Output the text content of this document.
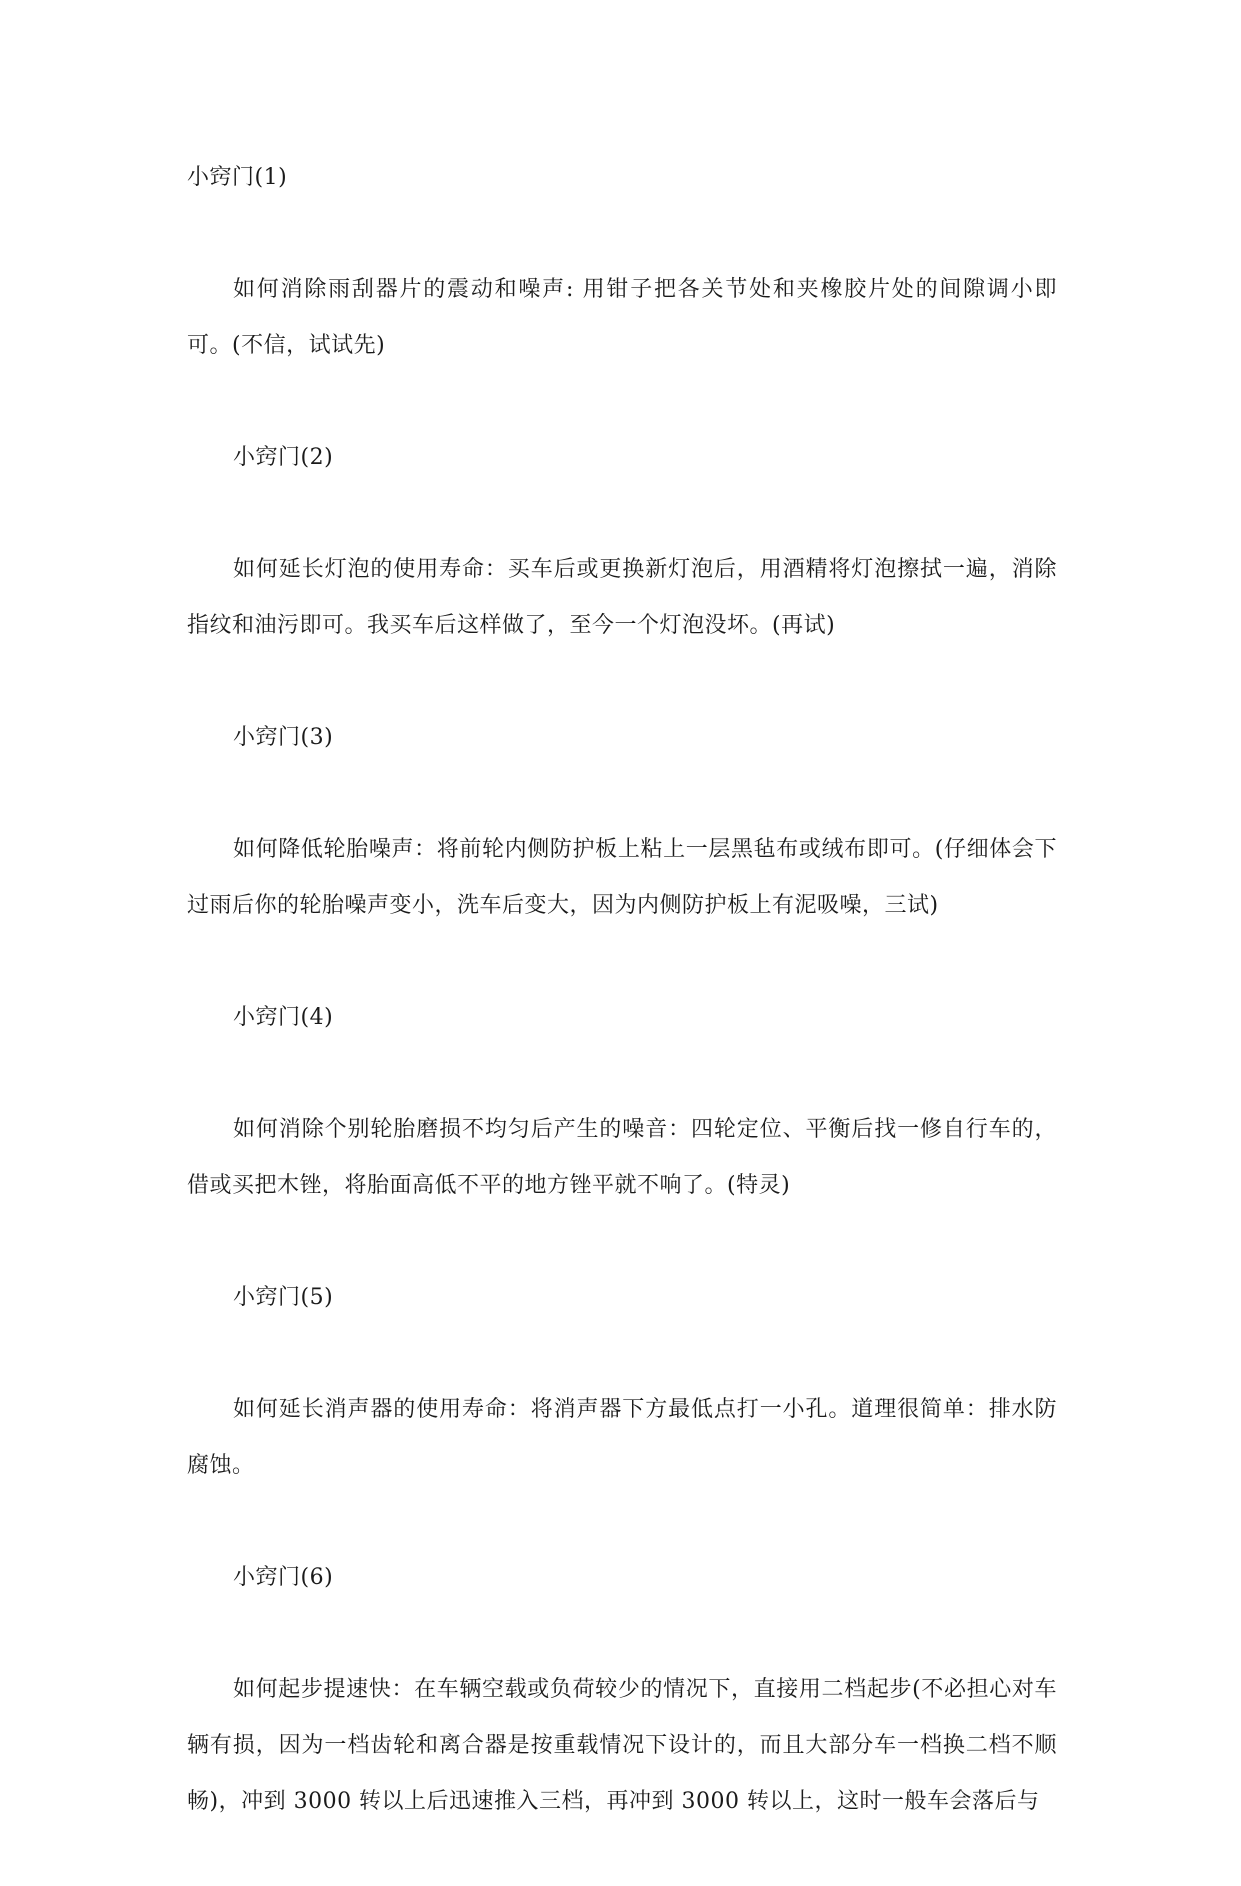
小窍门(1)

如何消除雨刮器片的震动和噪声: 用钳子把各关节处和夹橡胶片处的间隙调小即可。(不信，试试先)

小窍门(2)

如何延长灯泡的使用寿命：买车后或更换新灯泡后，用酒精将灯泡擦拭一遍，消除指纹和油污即可。我买车后这样做了，至今一个灯泡没坏。(再试)

小窍门(3)

如何降低轮胎噪声：将前轮内侧防护板上粘上一层黑毡布或绒布即可。(仔细体会下过雨后你的轮胎噪声变小，洗车后变大，因为内侧防护板上有泥吸噪，三试)

小窍门(4)

如何消除个别轮胎磨损不均匀后产生的噪音：四轮定位、平衡后找一修自行车的，借或买把木锉，将胎面高低不平的地方锉平就不响了。(特灵)

小窍门(5)

如何延长消声器的使用寿命：将消声器下方最低点打一小孔。道理很简单：排水防腐蚀。

小窍门(6)

如何起步提速快：在车辆空载或负荷较少的情况下，直接用二档起步(不必担心对车辆有损，因为一档齿轮和离合器是按重载情况下设计的，而且大部分车一档换二档不顺畅)，冲到 3000 转以上后迅速推入三档，再冲到 3000 转以上，这时一般车会落后与
